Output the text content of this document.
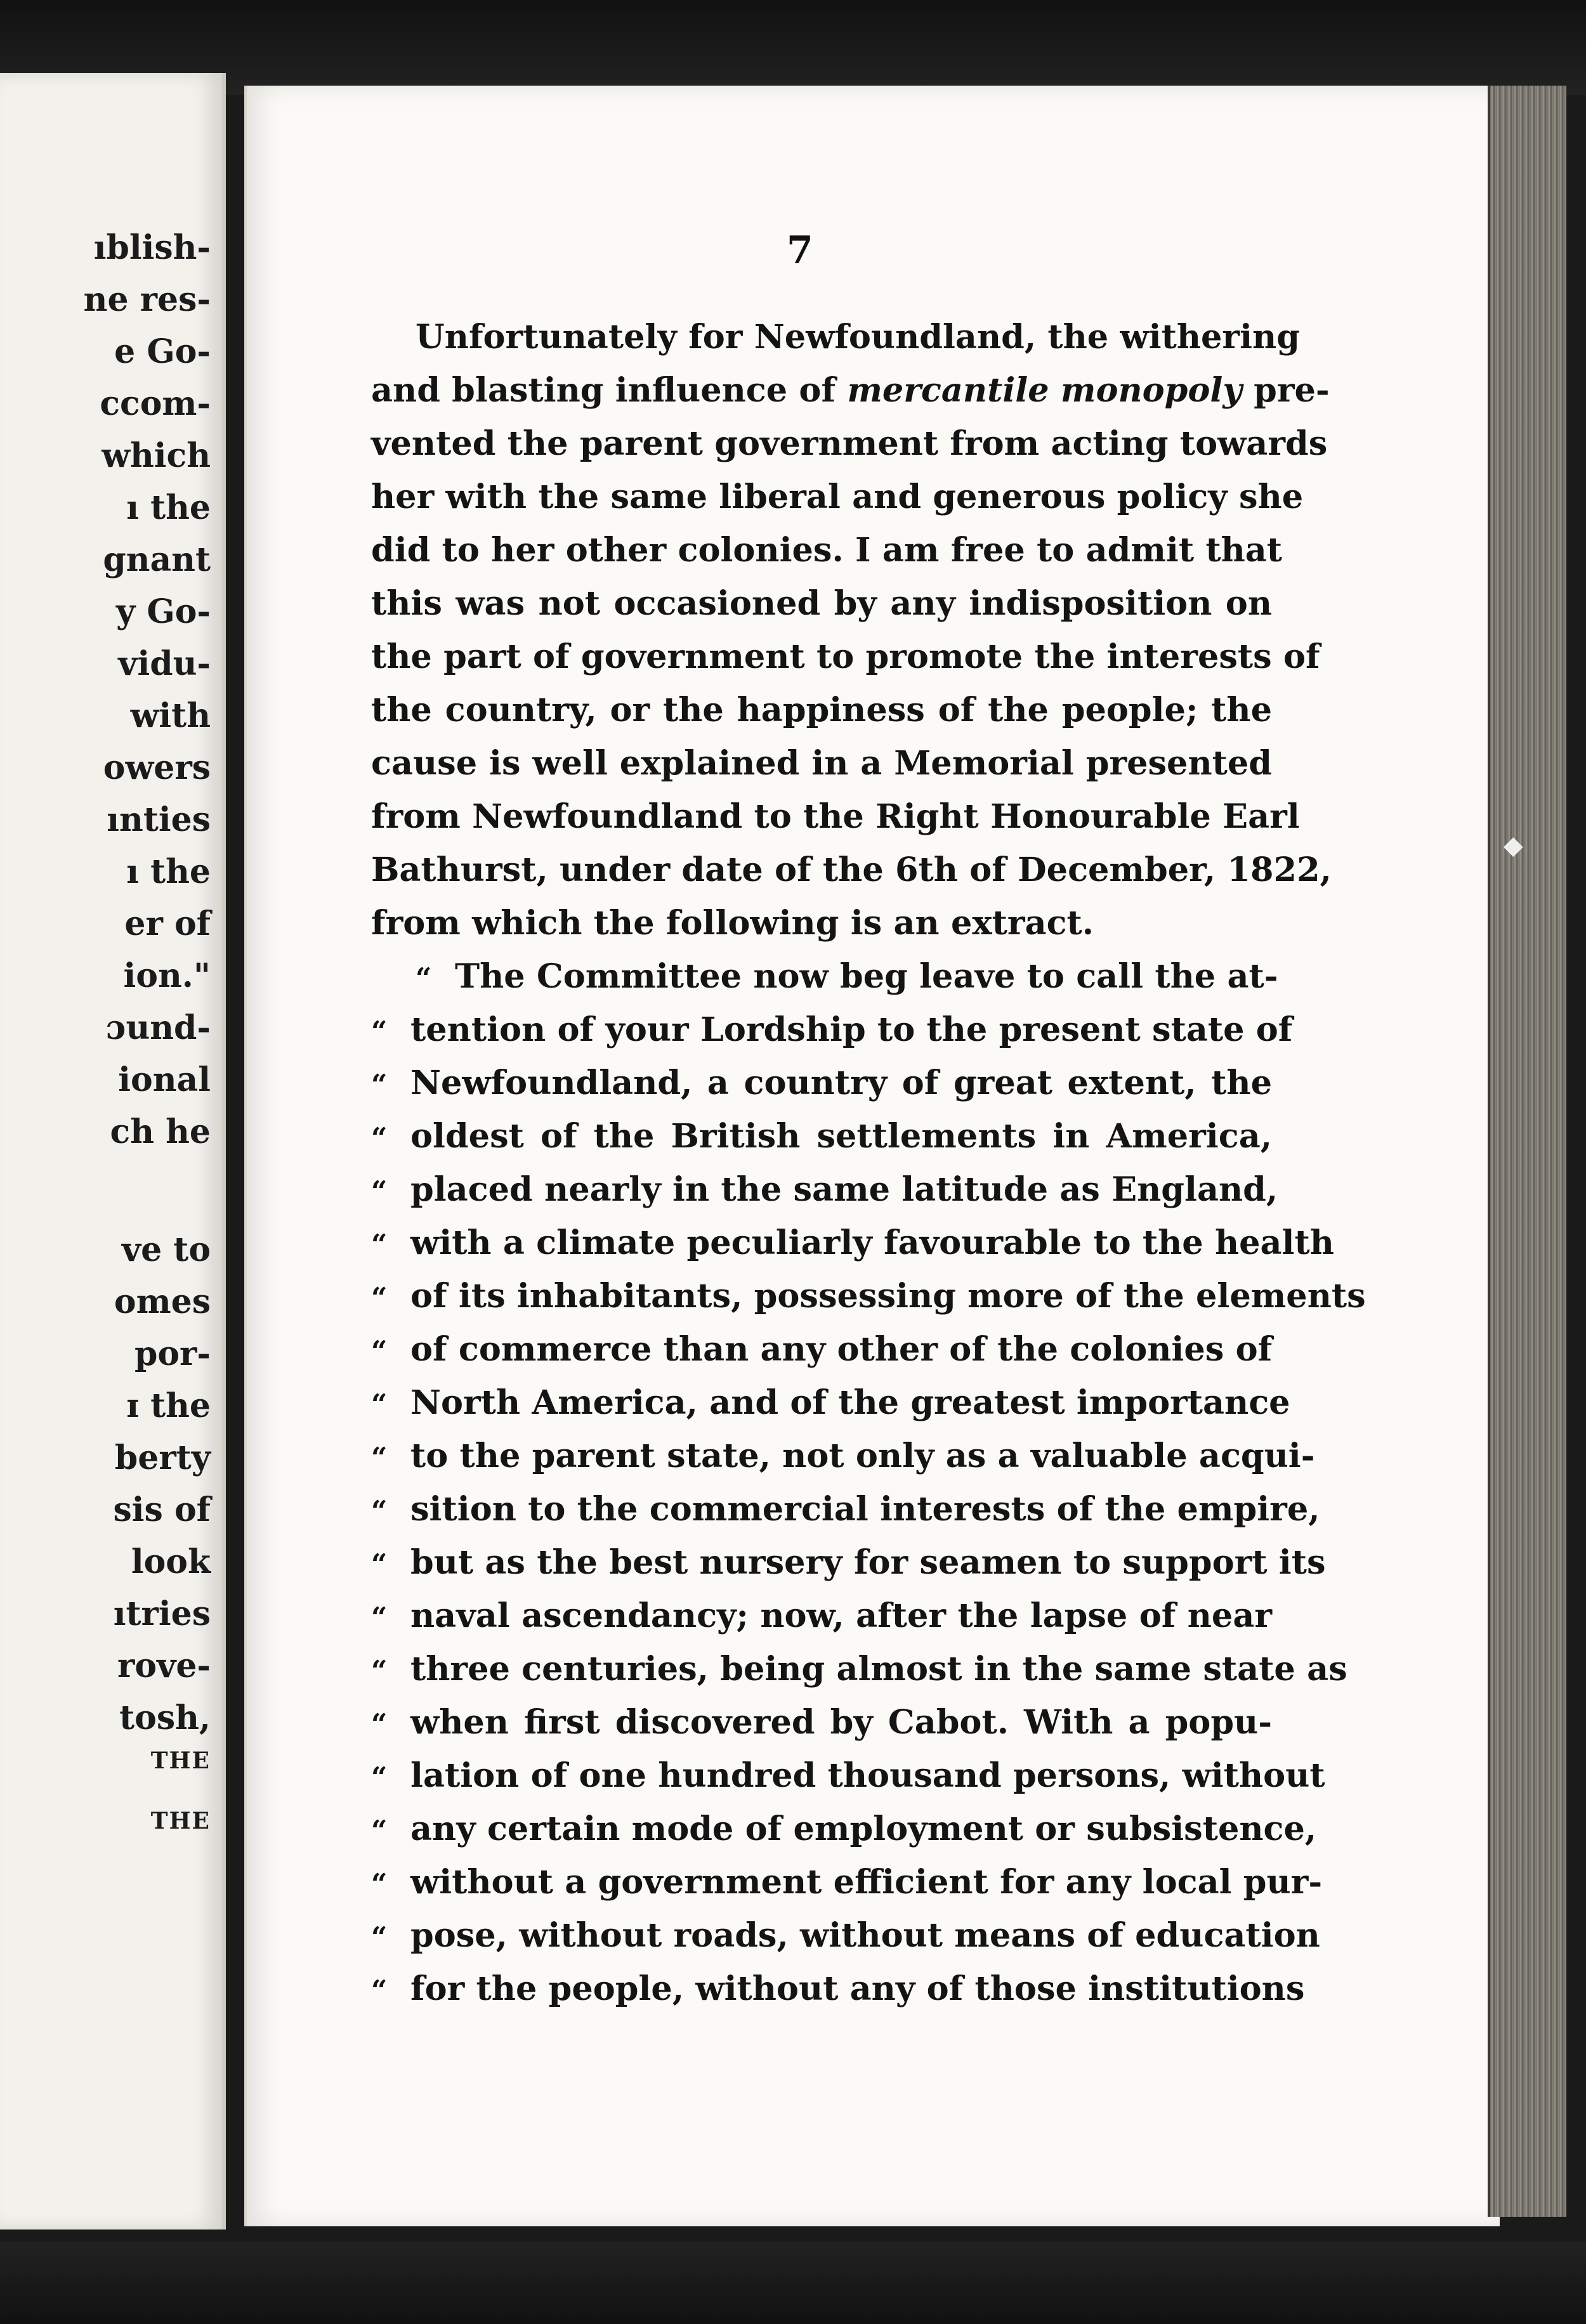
ıblish-
ne res-
e Go-
ccom-
which
ı the
gnant
y Go-
vidu-
with
owers
ınties
ı the
er of
ion."
ɔund-
ional
ch he
ve to
omes
por-
ɪ the
berty
sis of
look
ıtries
rove-
tosh,
THE
THE
◆
7
Unfortunately for Newfoundland, the withering
and blasting influence of mercantile monopoly pre-
vented the parent government from acting towards
her with the same liberal and generous policy she
did to her other colonies. I am free to admit that
this was not occasioned by any indisposition on
the part of government to promote the interests of
the country, or the happiness of the people; the
cause is well explained in a Memorial presented
from Newfoundland to the Right Honourable Earl
Bathurst, under date of the 6th of December, 1822,
from which the following is an extract.
“ The Committee now beg leave to call the at-
“ tention of your Lordship to the present state of
“ Newfoundland, a country of great extent, the
“ oldest of the British settlements in America,
“ placed nearly in the same latitude as England,
“ with a climate peculiarly favourable to the health
“ of its inhabitants, possessing more of the elements
“ of commerce than any other of the colonies of
“ North America, and of the greatest importance
“ to the parent state, not only as a valuable acqui-
“ sition to the commercial interests of the empire,
“ but as the best nursery for seamen to support its
“ naval ascendancy; now, after the lapse of near
“ three centuries, being almost in the same state as
“ when first discovered by Cabot. With a popu-
“ lation of one hundred thousand persons, without
“ any certain mode of employment or subsistence,
“ without a government efficient for any local pur-
“ pose, without roads, without means of education
“ for the people, without any of those institutions
